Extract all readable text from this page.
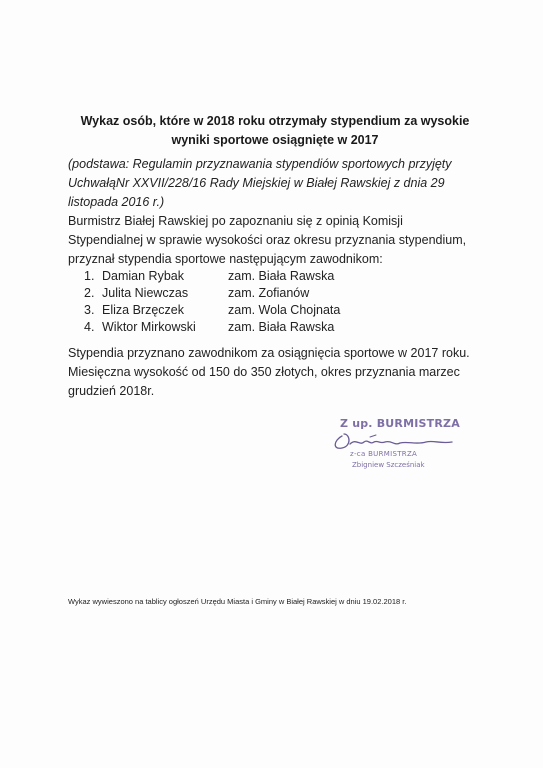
Wykaz osób, które w 2018 roku otrzymały stypendium za wysokie wyniki sportowe osiągnięte w 2017
(podstawa: Regulamin przyznawania stypendiów sportowych przyjęty UchwałąNr XXVII/228/16 Rady Miejskiej w Białej Rawskiej z dnia 29 listopada 2016 r.)
Burmistrz Białej Rawskiej po zapoznaniu się z opinią Komisji Stypendialnej w sprawie wysokości oraz okresu przyznania stypendium, przyznał stypendia sportowe następującym zawodnikom:
1. Damian Rybak	zam. Biała Rawska
2. Julita Niewczas	zam. Zofianów
3. Eliza Brzęczek	zam. Wola Chojnata
4. Wiktor Mirkowski	zam. Biała Rawska
Stypendia przyznano zawodnikom za osiągnięcia sportowe w 2017 roku. Miesięczna wysokość od 150 do 350 złotych, okres przyznania marzec grudzień 2018r.
Z up. BURMISTRZA
z-ca BURMISTRZA
Zbigniew Szcześniak
Wykaz wywieszono na tablicy ogłoszeń Urzędu Miasta i Gminy w Białej Rawskiej w dniu 19.02.2018 r.
